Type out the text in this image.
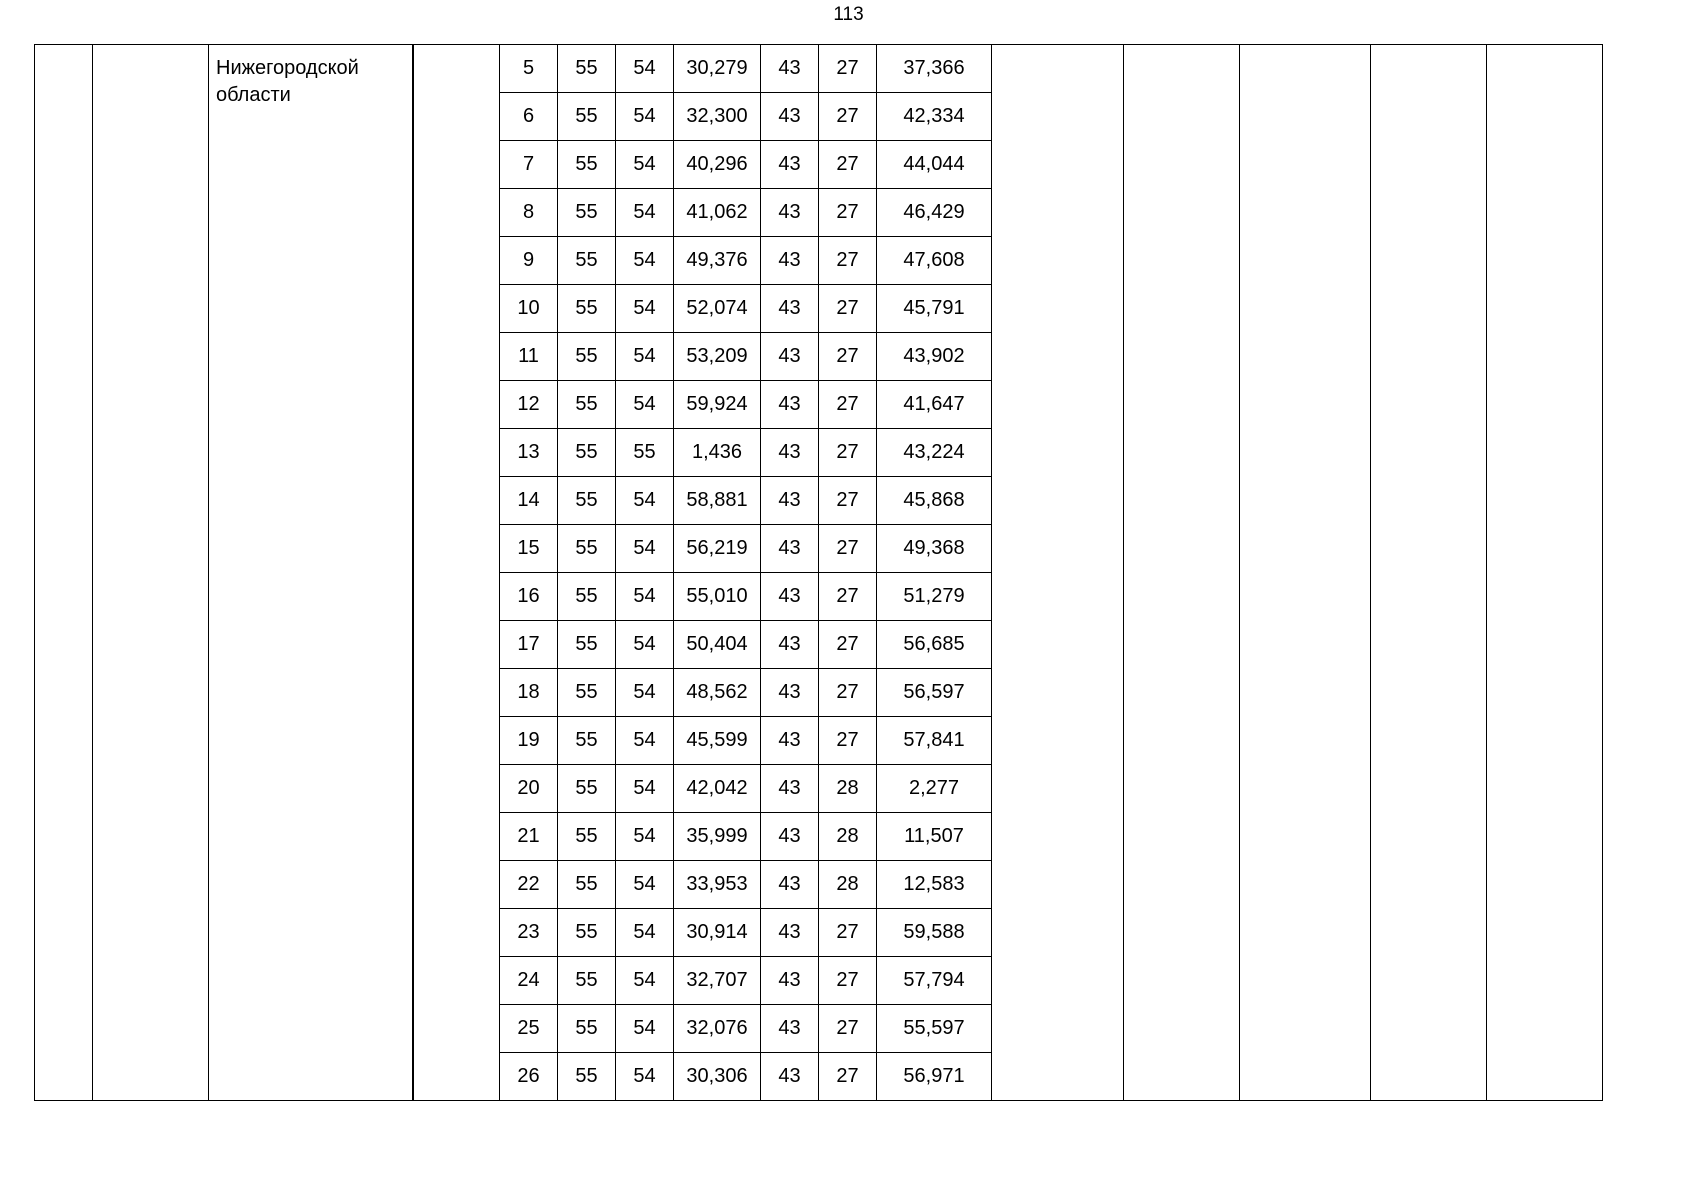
113
		Нижегородской области		5	55	54	30,279	43	27	37,366					
				6	55	54	32,300	43	27	42,334					
				7	55	54	40,296	43	27	44,044					
				8	55	54	41,062	43	27	46,429					
				9	55	54	49,376	43	27	47,608					
				10	55	54	52,074	43	27	45,791					
				11	55	54	53,209	43	27	43,902					
				12	55	54	59,924	43	27	41,647					
				13	55	55	1,436	43	27	43,224					
				14	55	54	58,881	43	27	45,868					
				15	55	54	56,219	43	27	49,368					
				16	55	54	55,010	43	27	51,279					
				17	55	54	50,404	43	27	56,685					
				18	55	54	48,562	43	27	56,597					
				19	55	54	45,599	43	27	57,841					
				20	55	54	42,042	43	28	2,277					
				21	55	54	35,999	43	28	11,507					
				22	55	54	33,953	43	28	12,583					
				23	55	54	30,914	43	27	59,588					
				24	55	54	32,707	43	27	57,794					
				25	55	54	32,076	43	27	55,597					
				26	55	54	30,306	43	27	56,971					
